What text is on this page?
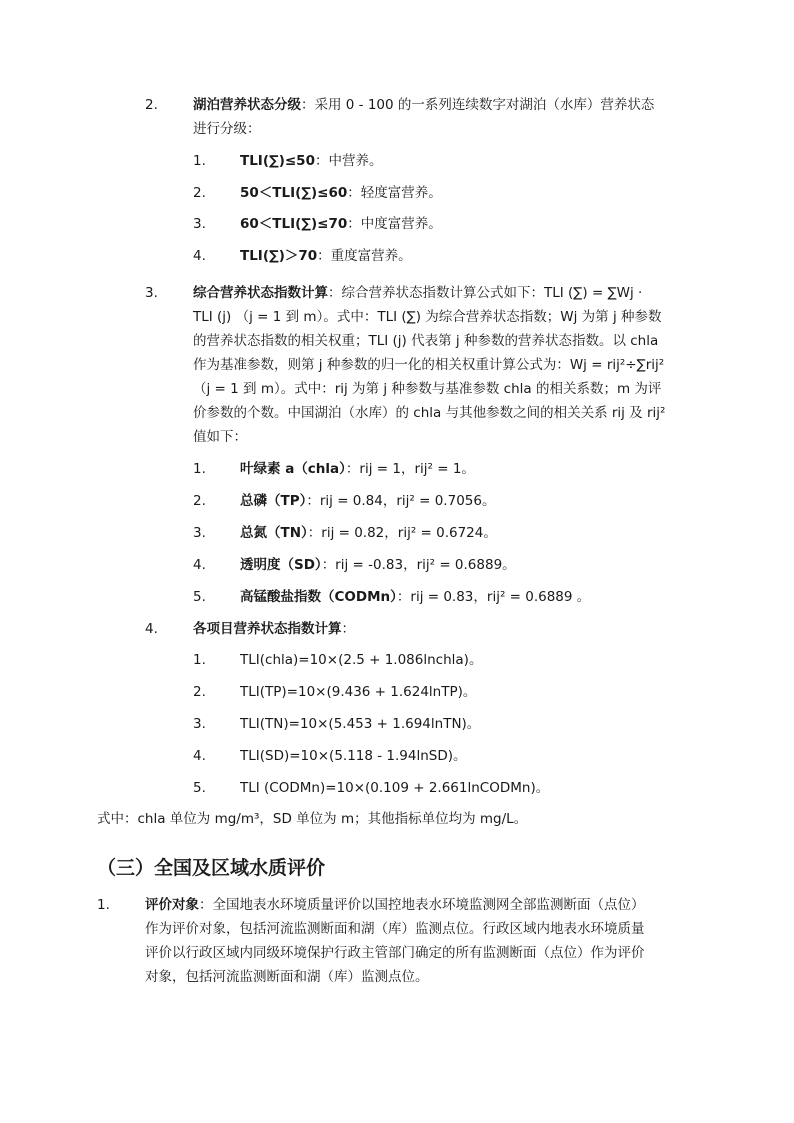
2.	湖泊营养状态分级：采用 0 - 100 的一系列连续数字对湖泊（水库）营养状态
进行分级：
1.	TLI(∑)≤50：中营养。
2.	50＜TLI(∑)≤60：轻度富营养。
3.	60＜TLI(∑)≤70：中度富营养。
4.	TLI(∑)＞70：重度富营养。
3.	综合营养状态指数计算：综合营养状态指数计算公式如下：TLI (∑) = ∑Wj ·
TLI (j) （j = 1 到 m）。式中：TLI (∑) 为综合营养状态指数；Wj 为第 j 种参数
的营养状态指数的相关权重；TLI (j) 代表第 j 种参数的营养状态指数。以 chla
作为基准参数，则第 j 种参数的归一化的相关权重计算公式为：Wj = rij²÷∑rij²
（j = 1 到 m）。式中：rij 为第 j 种参数与基准参数 chla 的相关系数；m 为评
价参数的个数。中国湖泊（水库）的 chla 与其他参数之间的相关关系 rij 及 rij²
值如下：
1.	叶绿素 a（chla）：rij = 1，rij² = 1。
2.	总磷（TP）：rij = 0.84，rij² = 0.7056。
3.	总氮（TN）：rij = 0.82，rij² = 0.6724。
4.	透明度（SD）：rij = -0.83，rij² = 0.6889。
5.	高锰酸盐指数（CODMn）：rij = 0.83，rij² = 0.6889 。
4.	各项目营养状态指数计算：
1.	TLI(chla)=10×(2.5 + 1.086lnchla)。
2.	TLI(TP)=10×(9.436 + 1.624lnTP)。
3.	TLI(TN)=10×(5.453 + 1.694lnTN)。
4.	TLI(SD)=10×(5.118 - 1.94lnSD)。
5.	TLI (CODMn)=10×(0.109 + 2.661lnCODMn)。
式中：chla 单位为 mg/m³，SD 单位为 m；其他指标单位均为 mg/L。
（三）全国及区域水质评价
1.	评价对象：全国地表水环境质量评价以国控地表水环境监测网全部监测断面（点位）
作为评价对象，包括河流监测断面和湖（库）监测点位。行政区域内地表水环境质量
评价以行政区域内同级环境保护行政主管部门确定的所有监测断面（点位）作为评价
对象，包括河流监测断面和湖（库）监测点位。
